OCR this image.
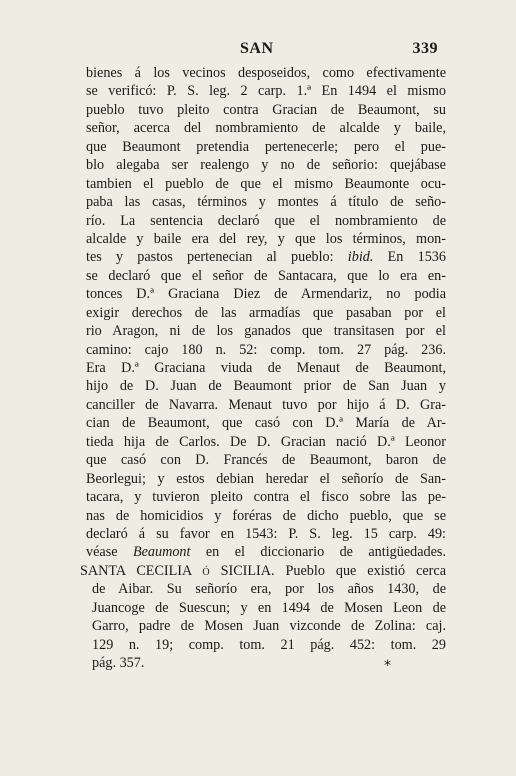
SAN	339
bienes á los vecinos desposeidos, como efectivamente
se verificó: P. S. leg. 2 carp. 1.ª En 1494 el mismo
pueblo tuvo pleito contra Gracian de Beaumont, su
señor, acerca del nombramiento de alcalde y baile,
que Beaumont pretendia pertenecerle; pero el pue-
blo alegaba ser realengo y no de señorio: quejábase
tambien el pueblo de que el mismo Beaumonte ocu-
paba las casas, términos y montes á título de seño-
río. La sentencia declaró que el nombramiento de
alcalde y baile era del rey, y que los términos, mon-
tes y pastos pertenecian al pueblo: ibid. En 1536
se declaró que el señor de Santacara, que lo era en-
tonces D.ª Graciana Diez de Armendariz, no podia
exigir derechos de las armadías que pasaban por el
rio Aragon, ni de los ganados que transitasen por el
camino: cajo 180 n. 52: comp. tom. 27 pág. 236.
Era D.ª Graciana viuda de Menaut de Beaumont,
hijo de D. Juan de Beaumont prior de San Juan y
canciller de Navarra. Menaut tuvo por hijo á D. Gra-
cian de Beaumont, que casó con D.ª María de Ar-
tieda hija de Carlos. De D. Gracian nació D.ª Leonor
que casó con D. Francés de Beaumont, baron de
Beorlegui; y estos debian heredar el señorío de San-
tacara, y tuvieron pleito contra el fisco sobre las pe-
nas de homicidios y foréras de dicho pueblo, que se
declaró á su favor en 1543: P. S. leg. 15 carp. 49:
véase Beaumont en el diccionario de antigüedades.
SANTA CECILIA ó SICILIA. Pueblo que existió cerca
de Aibar. Su señorío era, por los años 1430, de
Juancoge de Suescun; y en 1494 de Mosen Leon de
Garro, padre de Mosen Juan vizconde de Zolina: caj.
129 n. 19; comp. tom. 21 pág. 452: tom. 29
pág. 357.	*
